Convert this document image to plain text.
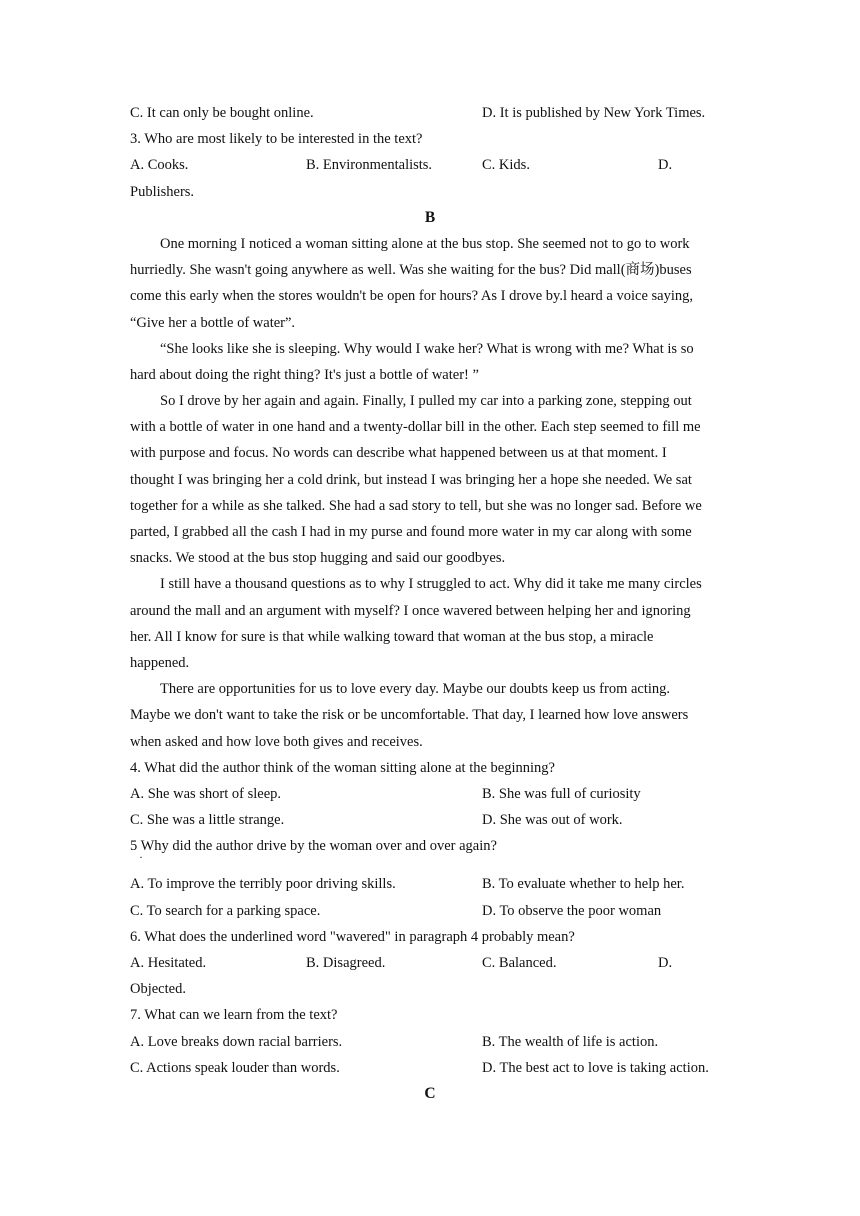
C. It can only be bought online.	D. It is published by New York Times.
3. Who are most likely to be interested in the text?
A. Cooks.	B. Environmentalists.	C. Kids.	D.
Publishers.
B
One morning I noticed a woman sitting alone at the bus stop. She seemed not to go to work
hurriedly. She wasn't going anywhere as well. Was she waiting for the bus? Did mall(商场)buses
come this early when the stores wouldn't be open for hours? As I drove by.l heard a voice saying,
“Give her a bottle of water”.
“She looks like she is sleeping. Why would I wake her? What is wrong with me? What is so
hard about doing the right thing? It's just a bottle of water! ”
So I drove by her again and again. Finally, I pulled my car into a parking zone, stepping out
with a bottle of water in one hand and a twenty-dollar bill in the other. Each step seemed to fill me
with purpose and focus. No words can describe what happened between us at that moment. I
thought I was bringing her a cold drink, but instead I was bringing her a hope she needed. We sat
together for a while as she talked. She had a sad story to tell, but she was no longer sad. Before we
parted, I grabbed all the cash I had in my purse and found more water in my car along with some
snacks. We stood at the bus stop hugging and said our goodbyes.
I still have a thousand questions as to why I struggled to act. Why did it take me many circles
around the mall and an argument with myself? I once wavered between helping her and ignoring
her. All I know for sure is that while walking toward that woman at the bus stop, a miracle
happened.
There are opportunities for us to love every day. Maybe our doubts keep us from acting.
Maybe we don't want to take the risk or be uncomfortable. That day, I learned how love answers
when asked and how love both gives and receives.
4. What did the author think of the woman sitting alone at the beginning?
A. She was short of sleep.	B. She was full of curiosity
C. She was a little strange.	D. She was out of work.
5 Why did the author drive by the woman over and over again?
·
A. To improve the terribly poor driving skills.	B. To evaluate whether to help her.
C. To search for a parking space.	D. To observe the poor woman
6. What does the underlined word "wavered" in paragraph 4 probably mean?
A. Hesitated.	B. Disagreed.	C. Balanced.	D.
Objected.
7. What can we learn from the text?
A. Love breaks down racial barriers.	B. The wealth of life is action.
C. Actions speak louder than words.	D. The best act to love is taking action.
C
